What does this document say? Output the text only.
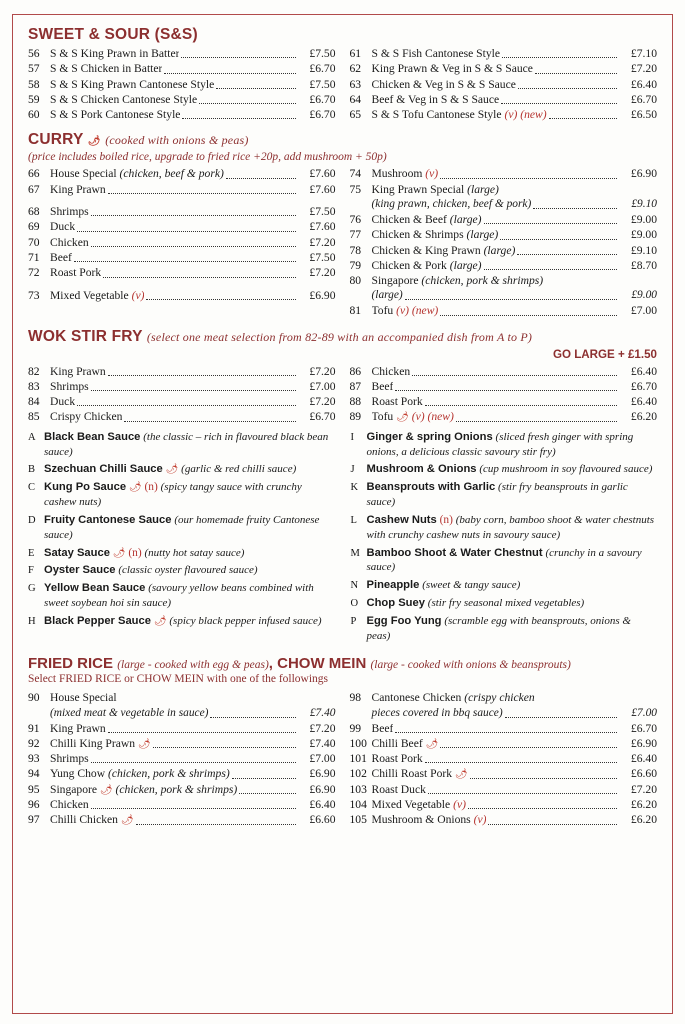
SWEET & SOUR (S&S)
56 S & S King Prawn in Batter	£7.50
57 S & S Chicken in Batter	£6.70
58 S & S King Prawn Cantonese Style	£7.50
59 S & S Chicken Cantonese Style	£6.70
60 S & S Pork Cantonese Style	£6.70
61 S & S Fish Cantonese Style	£7.10
62 King Prawn & Veg in S & S Sauce	£7.20
63 Chicken & Veg in S & S Sauce	£6.40
64 Beef & Veg in S & S Sauce	£6.70
65 S & S Tofu Cantonese Style (v) (new)	£6.50
CURRY 🌶 (cooked with onions & peas)
(price includes boiled rice, upgrade to fried rice +20p, add mushroom + 50p)
66 House Special (chicken, beef & pork)	£7.60
67 King Prawn	£7.60
68 Shrimps	£7.50
69 Duck	£7.60
70 Chicken	£7.20
71 Beef	£7.50
72 Roast Pork	£7.20
73 Mixed Vegetable (v)	£6.90
74 Mushroom (v)	£6.90
75 King Prawn Special (large)
(king prawn, chicken, beef & pork)	£9.10
76 Chicken & Beef (large)	£9.00
77 Chicken & Shrimps (large)	£9.00
78 Chicken & King Prawn (large)	£9.10
79 Chicken & Pork (large)	£8.70
80 Singapore (chicken, pork & shrimps)
(large)	£9.00
81 Tofu (v) (new)	£7.00
WOK STIR FRY (select one meat selection from 82-89 with an accompanied dish from A to P)
GO LARGE + £1.50
82 King Prawn	£7.20
83 Shrimps	£7.00
84 Duck	£7.20
85 Crispy Chicken	£6.70
86 Chicken	£6.40
87 Beef	£6.70
88 Roast Pork	£6.40
89 Tofu 🌶 (v) (new)	£6.20
A Black Bean Sauce (the classic – rich in flavoured black bean sauce)
B Szechuan Chilli Sauce 🌶 (garlic & red chilli sauce)
C Kung Po Sauce 🌶 (n) (spicy tangy sauce with crunchy cashew nuts)
D Fruity Cantonese Sauce (our homemade fruity Cantonese sauce)
E Satay Sauce 🌶 (n) (nutty hot satay sauce)
F Oyster Sauce (classic oyster flavoured sauce)
G Yellow Bean Sauce (savoury yellow beans combined with sweet soybean hoi sin sauce)
H Black Pepper Sauce 🌶 (spicy black pepper infused sauce)
I	Ginger & spring Onions (sliced fresh ginger with spring onions, a delicious classic savoury stir fry)
J	Mushroom & Onions (cup mushroom in soy flavoured sauce)
K Beansprouts with Garlic (stir fry beansprouts in garlic sauce)
L Cashew Nuts (n) (baby corn, bamboo shoot & water chestnuts with crunchy cashew nuts in savoury sauce)
M Bamboo Shoot & Water Chestnut (crunchy in a savoury sauce)
N Pineapple (sweet & tangy sauce)
O Chop Suey (stir fry seasonal mixed vegetables)
P Egg Foo Yung (scramble egg with beansprouts, onions & peas)
FRIED RICE (large - cooked with egg & peas), CHOW MEIN (large - cooked with onions & beansprouts)
Select FRIED RICE or CHOW MEIN with one of the followings
90 House Special
(mixed meat & vegetable in sauce)	£7.40
91 King Prawn	£7.20
92 Chilli King Prawn 🌶	£7.40
93 Shrimps	£7.00
94 Yung Chow (chicken, pork & shrimps)	£6.90
95 Singapore 🌶 (chicken, pork & shrimps)	£6.90
96 Chicken	£6.40
97 Chilli Chicken 🌶	£6.60
98 Cantonese Chicken (crispy chicken
pieces covered in bbq sauce)	£7.00
99 Beef	£6.70
100 Chilli Beef 🌶	£6.90
101 Roast Pork	£6.40
102 Chilli Roast Pork 🌶	£6.60
103 Roast Duck	£7.20
104 Mixed Vegetable (v)	£6.20
105 Mushroom & Onions (v)	£6.20
